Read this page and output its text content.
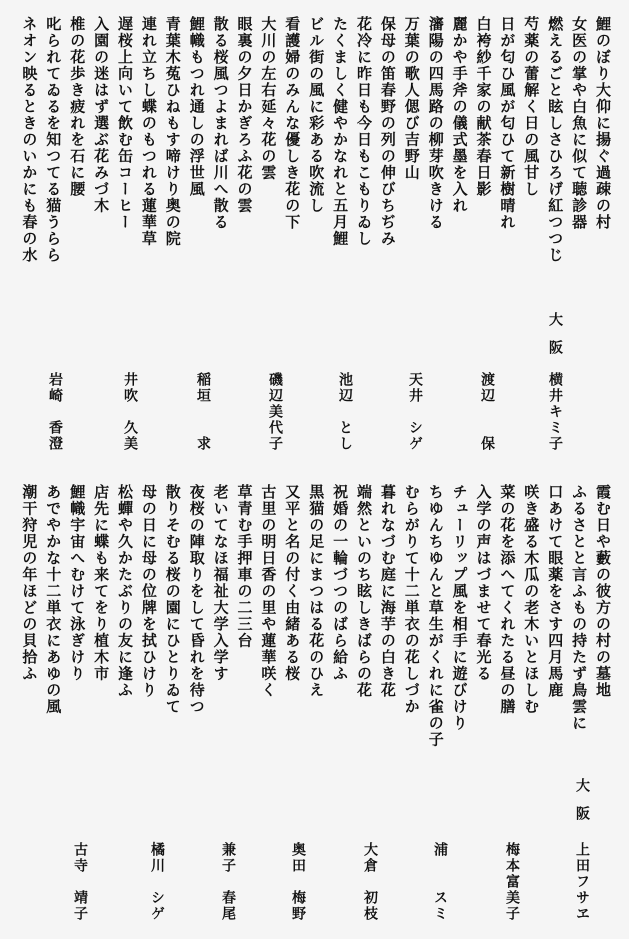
鯉のぼり大仰に揚ぐ過疎の村
女医の掌や白魚に似て聴診器
燃えるごと眩しさひろげ紅つつじ
芍薬の蕾解く日の風甘し
日が匂ひ風が匂ひて新樹晴れ
白袴紗千家の献茶春日影
麗かや手斧の儀式墨を入れ
瀋陽の四馬路の柳芽吹きける
万葉の歌人偲び吉野山
保母の笛春野の列の伸びちぢみ
花冷に昨日も今日もこもりゐし
たくましく健やかなれと五月鯉
ビル街の風に彩ある吹流し
看護婦のみんな優しき花の下
大川の左右延々花の雲
眼裏の夕日かぎろふ花の雲
散る桜風つよまれば川へ散る
鯉幟もつれ通しの浮世風
青葉木菟ひねもす啼けり奥の院
連れ立ちし蝶のもつれる蓮華草
遅桜上向いて飲む缶コーヒー
入園の迷はず選ぶ花みづ木
椎の花歩き疲れを石に腰
叱られてゐるを知つてる猫うらら
ネオン映るときのいかにも春の水
大　阪
横井キミ子
渡辺　　保
天井　シゲ
池辺　とし
磯辺美代子
稲垣　　求
井吹　久美
岩崎　香澄
霞む日や藪の彼方の村の墓地
ふるさとと言ふもの持たず鳥雲に
口あけて眼薬をさす四月馬鹿
咲き盛る木瓜の老木いとほしむ
菜の花を添へてくれたる昼の膳
入学の声はづませて春光る
チューリップ風を相手に遊びけり
ちゆんちゆんと草生がくれに雀の子
むらがりて十二単衣の花しづか
暮れなづむ庭に海芋の白き花
端然といのち眩しきばらの花
祝婚の一輪づつのばら給ふ
黒猫の足にまつはる花のひえ
又平と名の付く由緒ある桜
古里の明日香の里や蓮華咲く
草青む手押車の二三台
老いてなほ福祉大学入学す
夜桜の陣取りをして昏れを待つ
散りそむる桜の園にひとりゐて
母の日に母の位牌を拭ひけり
松蟬や久かたぶりの友に逢ふ
店先に蝶も来てをり植木市
鯉幟宇宙へむけて泳ぎけり
あでやかな十二単衣にあゆの風
潮干狩児の年ほどの貝拾ふ
大　阪
上田フサヱ
梅本富美子
浦　　スミ
大倉　初枝
奥田　梅野
兼子　春尾
橘川　シゲ
古寺　靖子
